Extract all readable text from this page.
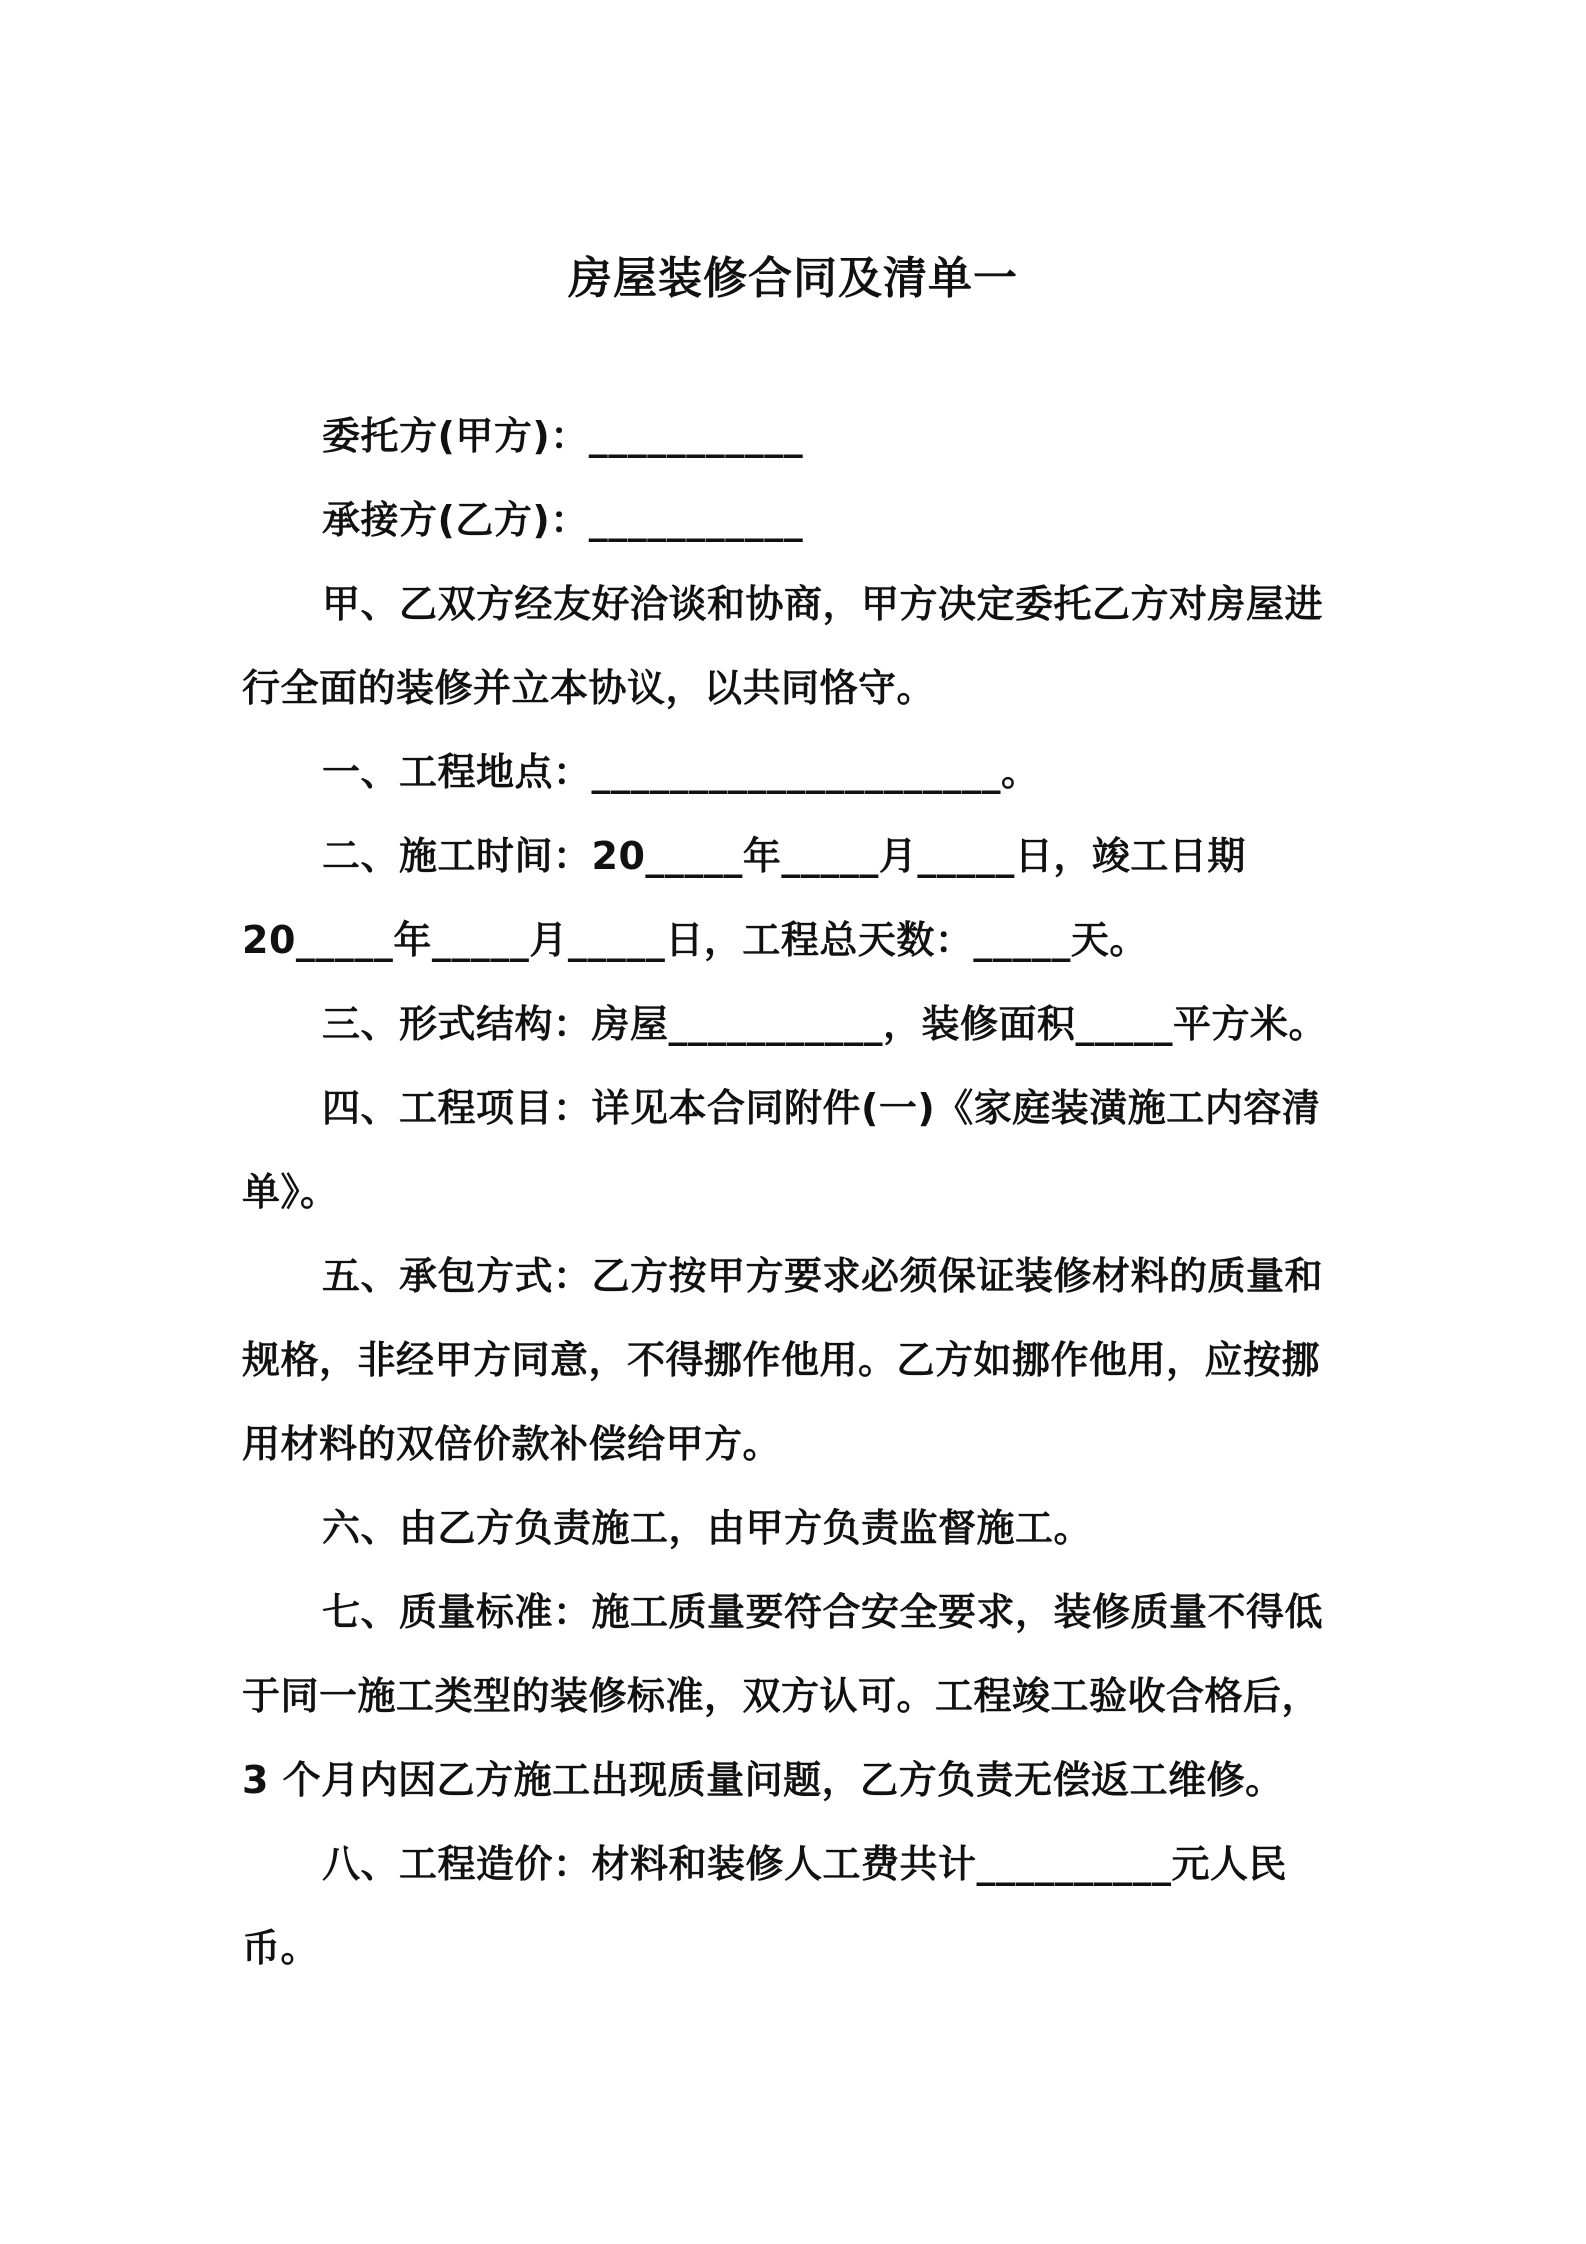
房屋装修合同及清单一

委托方(甲方)：___________

承接方(乙方)：___________

甲、乙双方经友好洽谈和协商，甲方决定委托乙方对房屋进

行全面的装修并立本协议，以共同恪守。

一、工程地点：_____________________。

二、施工时间：20_____年_____月_____日，竣工日期

20_____年_____月_____日，工程总天数：_____天。

三、形式结构：房屋___________，装修面积_____平方米。

四、工程项目：详见本合同附件(一)《家庭装潢施工内容清

单》。

五、承包方式：乙方按甲方要求必须保证装修材料的质量和

规格，非经甲方同意，不得挪作他用。乙方如挪作他用，应按挪

用材料的双倍价款补偿给甲方。

六、由乙方负责施工，由甲方负责监督施工。

七、质量标准：施工质量要符合安全要求，装修质量不得低

于同一施工类型的装修标准，双方认可。工程竣工验收合格后，

3 个月内因乙方施工出现质量问题，乙方负责无偿返工维修。

八、工程造价：材料和装修人工费共计__________元人民

币。
